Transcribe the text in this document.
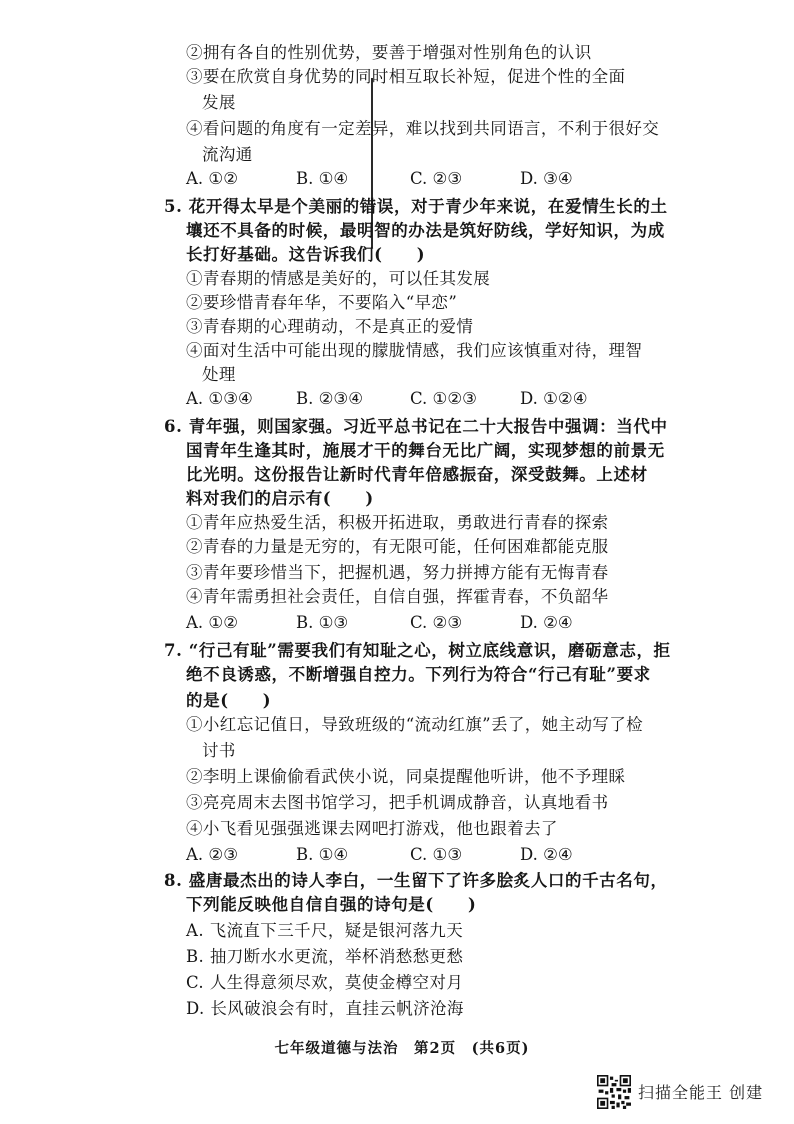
②拥有各自的性别优势，要善于增强对性别角色的认识
③要在欣赏自身优势的同时相互取长补短，促进个性的全面
发展
④看问题的角度有一定差异，难以找到共同语言，不利于很好交
流沟通
5. 花开得太早是个美丽的错误，对于青少年来说，在爱情生长的土
壤还不具备的时候，最明智的办法是筑好防线，学好知识，为成
长打好基础。这告诉我们(　　)
①青春期的情感是美好的，可以任其发展
②要珍惜青春年华，不要陷入“早恋”
③青春期的心理萌动，不是真正的爱情
④面对生活中可能出现的朦胧情感，我们应该慎重对待，理智
处理
6. 青年强，则国家强。习近平总书记在二十大报告中强调：当代中
国青年生逢其时，施展才干的舞台无比广阔，实现梦想的前景无
比光明。这份报告让新时代青年倍感振奋，深受鼓舞。上述材
料对我们的启示有(　　)
①青年应热爱生活，积极开拓进取，勇敢进行青春的探索
②青春的力量是无穷的，有无限可能，任何困难都能克服
③青年要珍惜当下，把握机遇，努力拼搏方能有无悔青春
④青年需勇担社会责任，自信自强，挥霍青春，不负韶华
7. “行己有耻”需要我们有知耻之心，树立底线意识，磨砺意志，拒
绝不良诱惑，不断增强自控力。下列行为符合“行己有耻”要求
的是(　　)
①小红忘记值日，导致班级的“流动红旗”丢了，她主动写了检
讨书
②李明上课偷偷看武侠小说，同桌提醒他听讲，他不予理睬
③亮亮周末去图书馆学习，把手机调成静音，认真地看书
④小飞看见强强逃课去网吧打游戏，他也跟着去了
8. 盛唐最杰出的诗人李白，一生留下了许多脍炙人口的千古名句，
下列能反映他自信自强的诗句是(　　)
A. 飞流直下三千尺，疑是银河落九天
B. 抽刀断水水更流，举杯消愁愁更愁
C. 人生得意须尽欢，莫使金樽空对月
D. 长风破浪会有时，直挂云帆济沧海
A. ①②	B. ①④	C. ②③	D. ③④
A. ①③④	B. ②③④	C. ①②③	D. ①②④
A. ①②	B. ①③	C. ②③	D. ②④
A. ②③	B. ①④	C. ①③	D. ②④
七年级道德与法治　第2页　(共6页)
扫描全能王 创建
